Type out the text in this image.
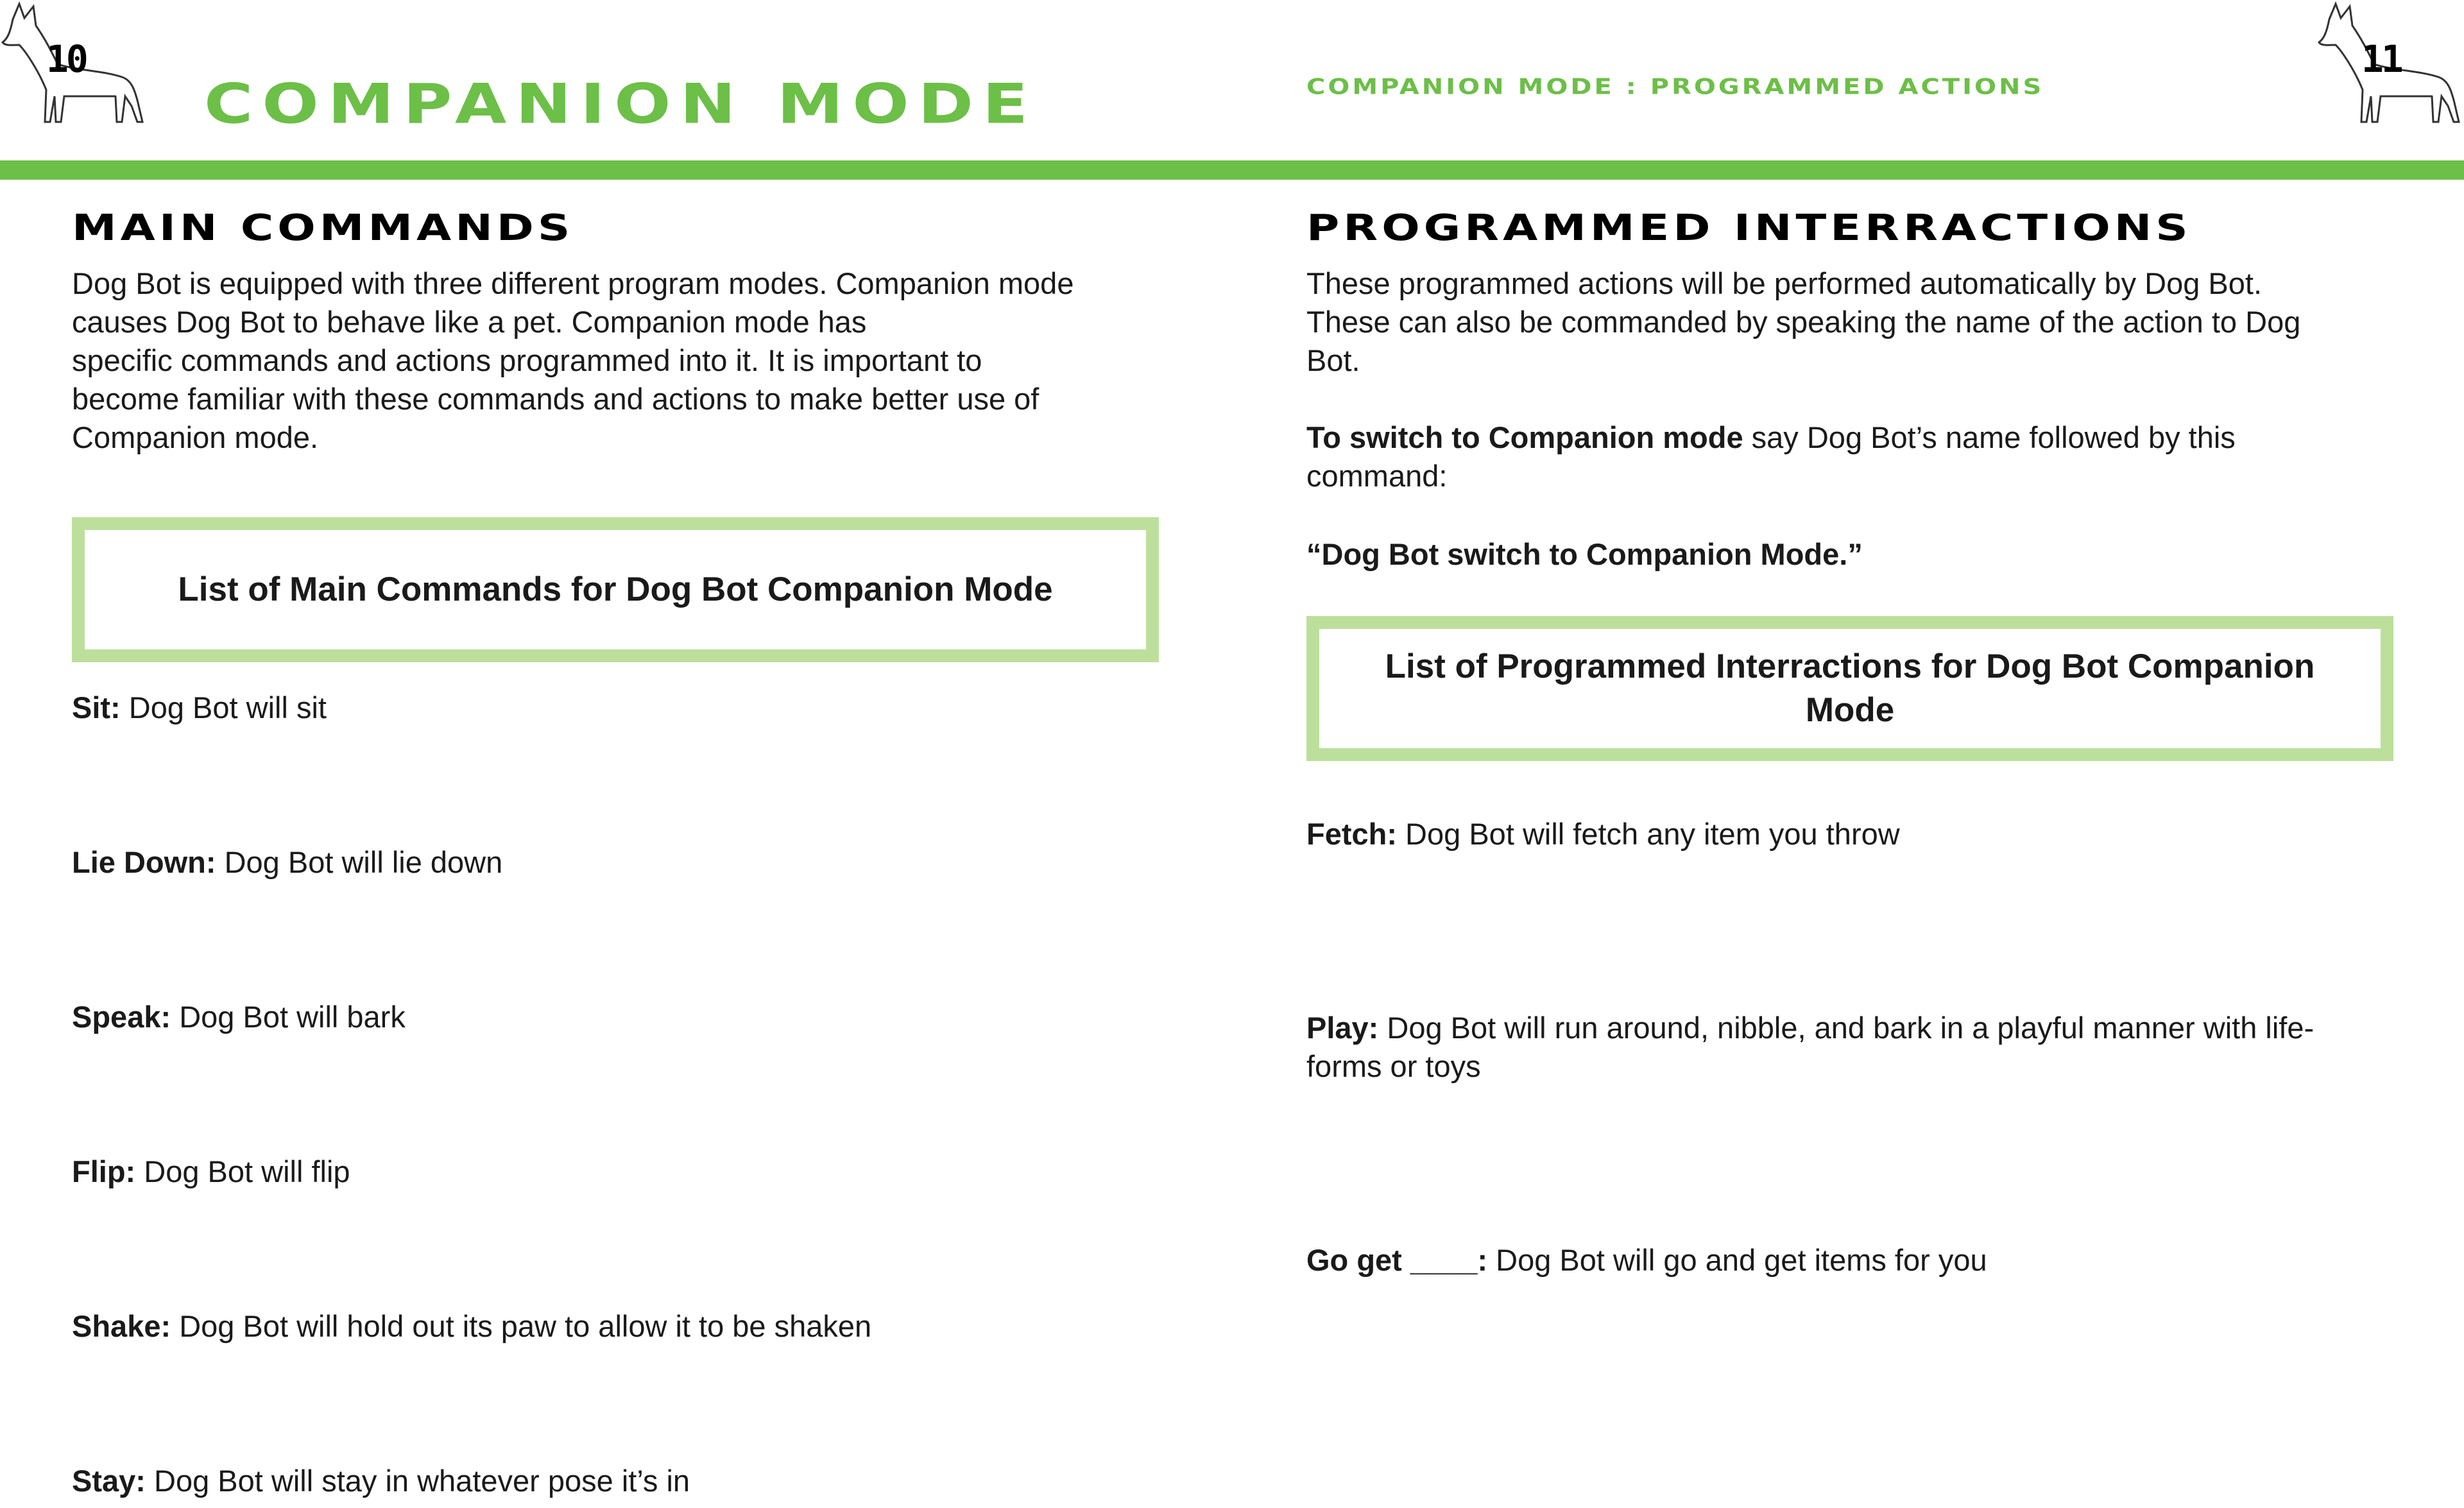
10
COMPANION MODE
MAIN COMMANDS
Dog Bot is equipped with three different program modes. Companion mode
causes Dog Bot to behave like a pet. Companion mode has
specific commands and actions programmed into it. It is important to
become familiar with these commands and actions to make better use of
Companion mode.
List of Main Commands for Dog Bot Companion Mode
Sit: Dog Bot will sit
Lie Down: Dog Bot will lie down
Speak: Dog Bot will bark
Flip: Dog Bot will flip
Shake: Dog Bot will hold out its paw to allow it to be shaken
Stay: Dog Bot will stay in whatever pose it’s in
COMPANION MODE : PROGRAMMED ACTIONS
11
PROGRAMMED INTERRACTIONS
These programmed actions will be performed automatically by Dog Bot.
These can also be commanded by speaking the name of the action to Dog
Bot.
To switch to Companion mode say Dog Bot’s name followed by this
command:
“Dog Bot switch to Companion Mode.”
List of Programmed Interractions for Dog Bot Companion Mode
Fetch: Dog Bot will fetch any item you throw
Play: Dog Bot will run around, nibble, and bark in a playful manner with life-
forms or toys
Go get ____: Dog Bot will go and get items for you
